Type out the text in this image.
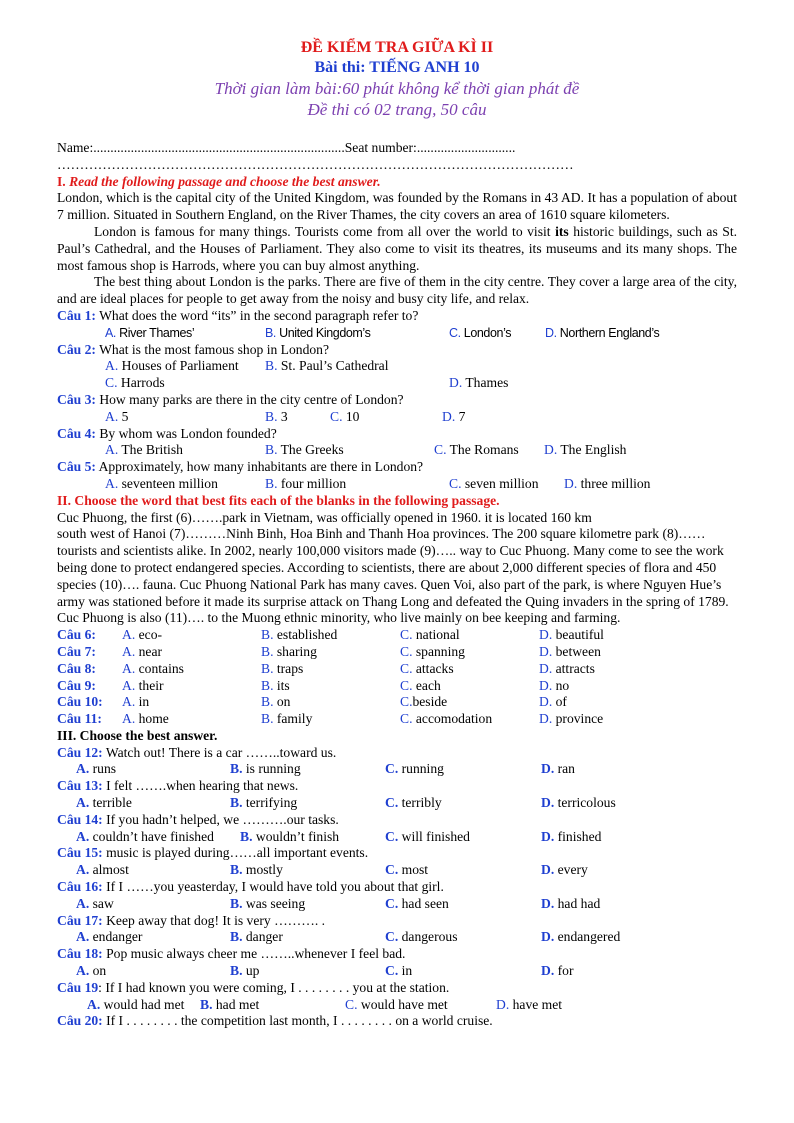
ĐỀ KIỂM TRA GIỮA KÌ II
Bài thi: TIẾNG ANH 10
Thời gian làm bài:60 phút không kể thời gian phát đề
Đề thi có 02 trang, 50 câu
Name:..........................................................................Seat number:.............................
……………………………………………………………………………………………………
I. Read the following passage and choose the best answer.

London, which is the capital city of the United Kingdom, was founded by the Romans in 43 AD. It has a population of about 7 million. Situated in Southern England, on the River Thames, the city covers an area of 1610 square kilometers.

London is famous for many things. Tourists come from all over the world to visit its historic buildings, such as St. Paul’s Cathedral, and the Houses of Parliament. They also come to visit its theatres, its museums and its many shops. The most famous shop is Harrods, where you can buy almost anything.

The best thing about London is the parks. There are five of them in the city centre. They cover a large area of the city, and are ideal places for people to get away from the noisy and busy city life, and relax.

Câu 1: What does the word “its” in the second paragraph refer to?
A. River Thames’	B. United Kingdom’s	C. London’s	D. Northern England’s
Câu 2: What is the most famous shop in London?
A. Houses of Parliament B. St. Paul’s Cathedral
C. Harrods	D. Thames
Câu 3: How many parks are there in the city centre of London?
A. 5	B. 3	C. 10	D. 7
Câu 4: By whom was London founded?
A. The British	B. The Greeks	C. The Romans D. The English
Câu 5: Approximately, how many inhabitants are there in London?
A. seventeen million	B. four million	C. seven million D. three million
II. Choose the word that best fits each of the blanks in the following passage.
Cuc Phuong, the first (6)…….park in Vietnam, was officially opened in 1960. it is located 160 km

south west of Hanoi (7)………Ninh Binh, Hoa Binh and Thanh Hoa provinces. The 200 square kilometre park (8)……tourists and scientists alike. In 2002, nearly 100,000 visitors made (9)….. way to Cuc Phuong. Many come to see the work being done to protect endangered species. According to scientists, there are about 2,000 different species of flora and 450 species (10)…. fauna. Cuc Phuong National Park has many caves. Quen Voi, also part of the park, is where Nguyen Hue’s army was stationed before it made its surprise attack on Thang Long and defeated the Quing invaders in the spring of 1789. Cuc Phuong is also (11)…. to the Muong ethnic minority, who live mainly on bee keeping and farming.

Câu 6: A. eco-	B. established	C. national	D. beautiful
Câu 7: A. near	B. sharing	C. spanning	D. between
Câu 8: A. contains	B. traps	C. attacks	D. attracts
Câu 9: A. their	B. its	C. each	D. no
Câu 10: A. in	B. on	C.beside	D. of
Câu 11: A. home	B. family	C. accomodation	D. province
III. Choose the best answer.
Câu 12: Watch out! There is a car ……..toward us.
A. runs	B. is running	C. running	D. ran
Câu 13: I felt …….when hearing that news.
A. terrible	B. terrifying	C. terribly	D. terricolous
Câu 14: If you hadn’t helped, we ……….our tasks.
A. couldn’t have finished B. wouldn’t finish	C. will finished	D. finished
Câu 15: music is played during……all important events.
A. almost	B. mostly	C. most	D. every
Câu 16: If I ……you yeasterday, I would have told you about that girl.
A. saw	B. was seeing	C. had seen	D. had had
Câu 17: Keep away that dog! It is very ………. .
A. endanger	B. danger	C. dangerous	D. endangered
Câu 18: Pop music always cheer me ……..whenever I feel bad.
A. on	B. up	C. in	D. for
Câu 19: If I had known you were coming, I . . . . . . . . you at the station.
A. would had met B. had met	C. would have met	D. have met
Câu 20: If I . . . . . . . . the competition last month, I . . . . . . . . on a world cruise.
